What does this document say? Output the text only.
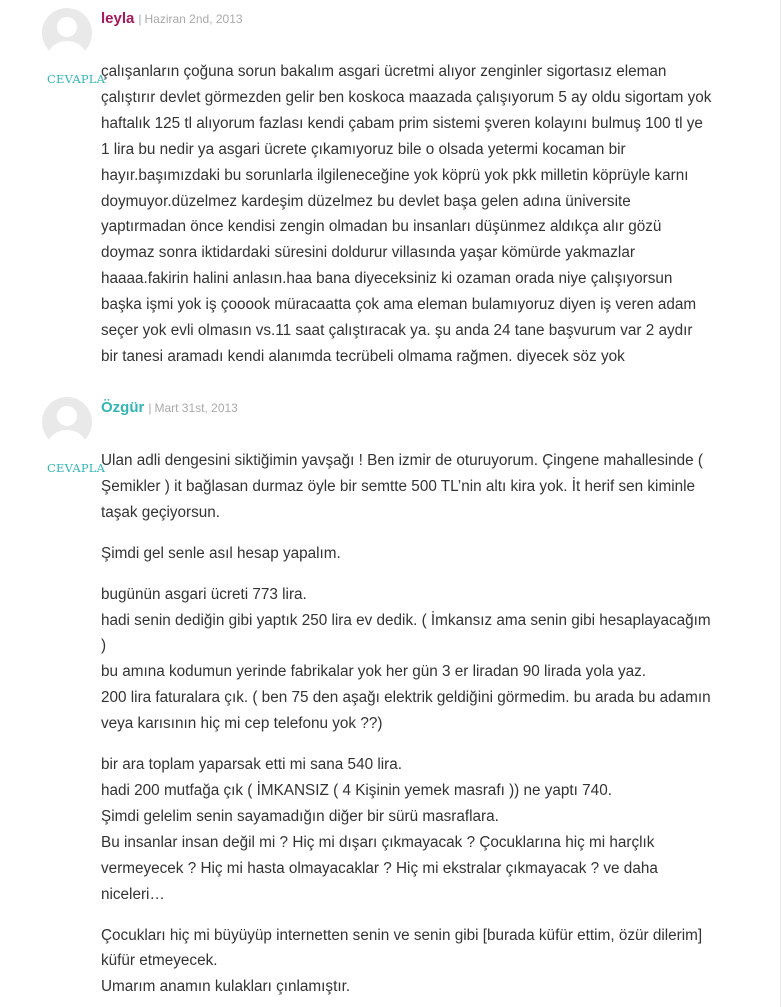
CEVAPLA
leyla | Haziran 2nd, 2013
çalışanların çoğuna sorun bakalım asgari ücretmi alıyor zenginler sigortasız eleman
çalıştırır devlet görmezden gelir ben koskoca maazada çalışıyorum 5 ay oldu sigortam yok
haftalık 125 tl alıyorum fazlası kendi çabam prim sistemi şveren kolayını bulmuş 100 tl ye
1 lira bu nedir ya asgari ücrete çıkamıyoruz bile o olsada yetermi kocaman bir
hayır.başımızdaki bu sorunlarla ilgileneceğine yok köprü yok pkk milletin köprüyle karnı
doymuyor.düzelmez kardeşim düzelmez bu devlet başa gelen adına üniversite
yaptırmadan önce kendisi zengin olmadan bu insanları düşünmez aldıkça alır gözü
doymaz sonra iktidardaki süresini doldurur villasında yaşar kömürde yakmazlar
haaaa.fakirin halini anlasın.haa bana diyeceksiniz ki ozaman orada niye çalışıyorsun
başka işmi yok iş çooook müracaatta çok ama eleman bulamıyoruz diyen iş veren adam
seçer yok evli olmasın vs.11 saat çalıştıracak ya. şu anda 24 tane başvurum var 2 aydır
bir tanesi aramadı kendi alanımda tecrübeli olmama rağmen. diyecek söz yok
CEVAPLA
Özgür | Mart 31st, 2013
Ulan adli dengesini siktiğimin yavşağı ! Ben izmir de oturuyorum. Çingene mahallesinde (
Şemikler ) it bağlasan durmaz öyle bir semtte 500 TL’nin altı kira yok. İt herif sen kiminle
taşak geçiyorsun.
Şimdi gel senle asıl hesap yapalım.
bugünün asgari ücreti 773 lira.
hadi senin dediğin gibi yaptık 250 lira ev dedik. ( İmkansız ama senin gibi hesaplayacağım
)
bu amına kodumun yerinde fabrikalar yok her gün 3 er liradan 90 lirada yola yaz.
200 lira faturalara çık. ( ben 75 den aşağı elektrik geldiğini görmedim. bu arada bu adamın
veya karısının hiç mi cep telefonu yok ??)
bir ara toplam yaparsak etti mi sana 540 lira.
hadi 200 mutfağa çık ( İMKANSIZ ( 4 Kişinin yemek masrafı )) ne yaptı 740.
Şimdi gelelim senin sayamadığın diğer bir sürü masraflara.
Bu insanlar insan değil mi ? Hiç mi dışarı çıkmayacak ? Çocuklarına hiç mi harçlık
vermeyecek ? Hiç mi hasta olmayacaklar ? Hiç mi ekstralar çıkmayacak ? ve daha
niceleri…
Çocukları hiç mi büyüyüp internetten senin ve senin gibi [burada küfür ettim, özür dilerim]
küfür etmeyecek.
Umarım anamın kulakları çınlamıştır.
